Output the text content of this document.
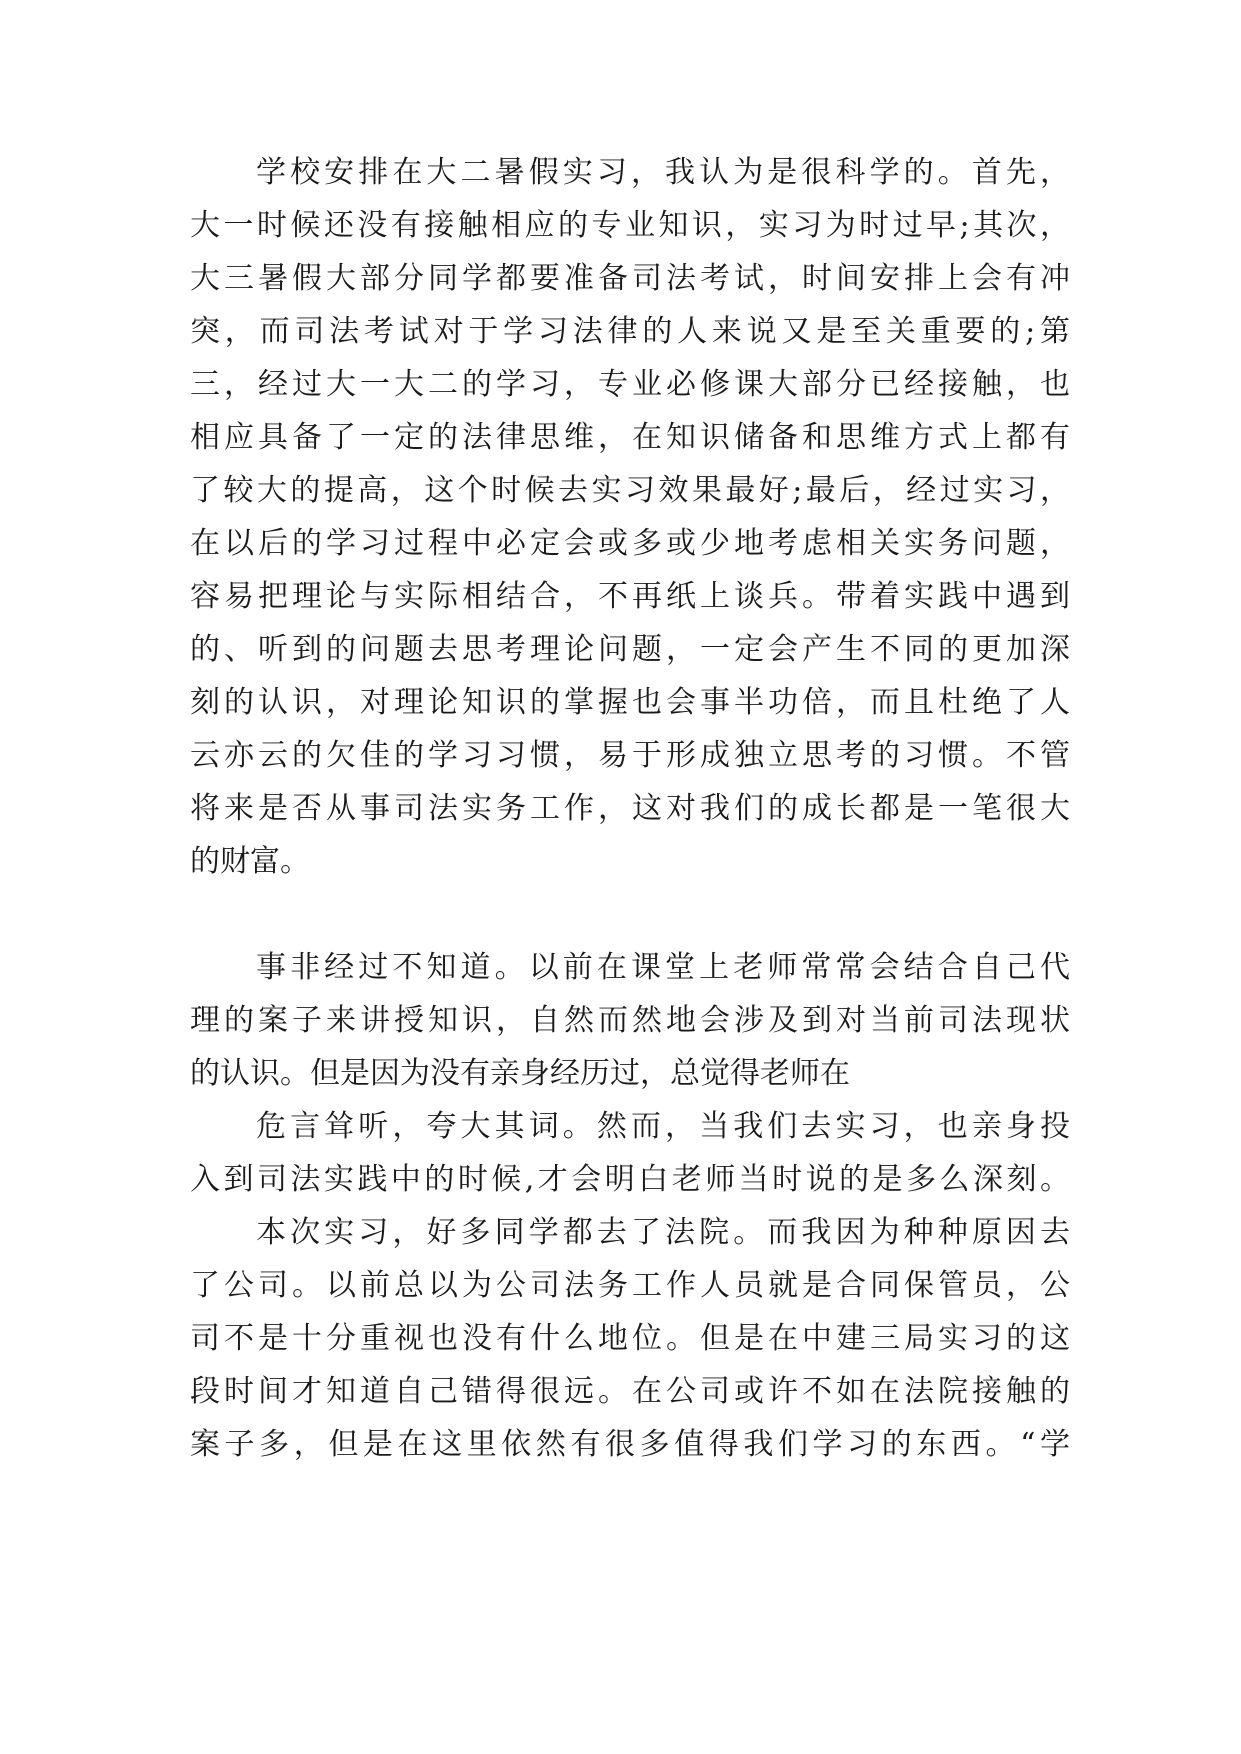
学校安排在大二暑假实习，我认为是很科学的。首先，
大一时候还没有接触相应的专业知识，实习为时过早;其次，
大三暑假大部分同学都要准备司法考试，时间安排上会有冲
突，而司法考试对于学习法律的人来说又是至关重要的;第
三，经过大一大二的学习，专业必修课大部分已经接触，也
相应具备了一定的法律思维，在知识储备和思维方式上都有
了较大的提高，这个时候去实习效果最好;最后，经过实习，
在以后的学习过程中必定会或多或少地考虑相关实务问题，
容易把理论与实际相结合，不再纸上谈兵。带着实践中遇到
的、听到的问题去思考理论问题，一定会产生不同的更加深
刻的认识，对理论知识的掌握也会事半功倍，而且杜绝了人
云亦云的欠佳的学习习惯，易于形成独立思考的习惯。不管
将来是否从事司法实务工作，这对我们的成长都是一笔很大
的财富。
事非经过不知道。以前在课堂上老师常常会结合自己代
理的案子来讲授知识，自然而然地会涉及到对当前司法现状
的认识。但是因为没有亲身经历过，总觉得老师在
危言耸听，夸大其词。然而，当我们去实习，也亲身投
入到司法实践中的时候,才会明白老师当时说的是多么深刻。
本次实习，好多同学都去了法院。而我因为种种原因去
了公司。以前总以为公司法务工作人员就是合同保管员，公
司不是十分重视也没有什么地位。但是在中建三局实习的这
段时间才知道自己错得很远。在公司或许不如在法院接触的
案子多，但是在这里依然有很多值得我们学习的东西。“学
